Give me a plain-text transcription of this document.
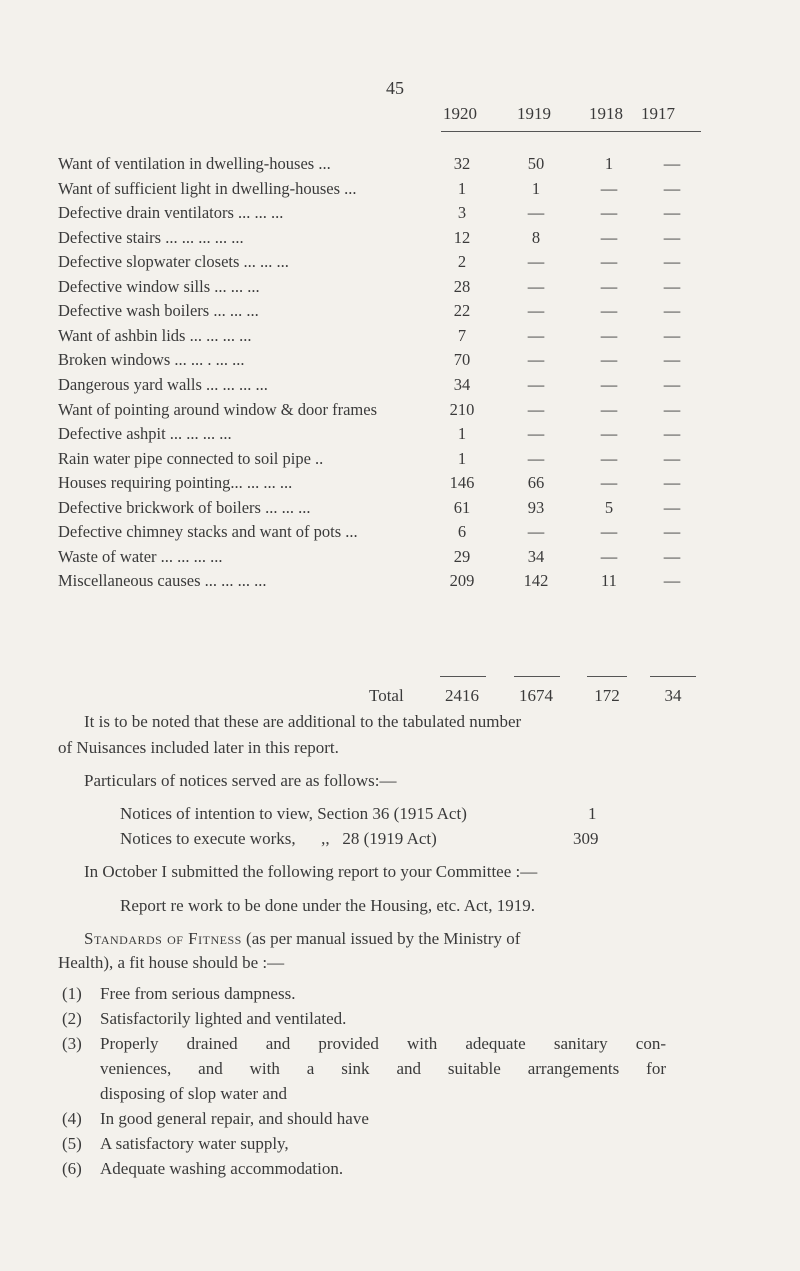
45
1920 1919 1918 1917
Want of ventilation in dwelling-houses ...	32	50	1	—
Want of sufficient light in dwelling-houses ...	1	1	—	—
Defective drain ventilators ... ... ...	3	—	—	—
Defective stairs ... ... ... ... ...	12	8	—	—
Defective slopwater closets ... ... ...	2	—	—	—
Defective window sills ... ... ...	28	—	—	—
Defective wash boilers ... ... ...	22	—	—	—
Want of ashbin lids ... ... ... ...	7	—	—	—
Broken windows ... ... . ... ...	70	—	—	—
Dangerous yard walls ... ... ... ...	34	—	—	—
Want of pointing around window & door frames	210	—	—	—
Defective ashpit ... ... ... ...	1	—	—	—
Rain water pipe connected to soil pipe ..	1	—	—	—
Houses requiring pointing... ... ... ...	146	66	—	—
Defective brickwork of boilers ... ... ...	61	93	5	—
Defective chimney stacks and want of pots ...	6	—	—	—
Waste of water ... ... ... ...	29	34	—	—
Miscellaneous causes ... ... ... ...	209	142	11	—
Total 2416 1674	172	34
It is to be noted that these are additional to the tabulated number
of Nuisances included later in this report.
Particulars of notices served are as follows:—
Notices of intention to view, Section 36 (1915 Act)	1
Notices to execute works,      ,,   28 (1919 Act)	309
In October I submitted the following report to your Committee :—
Report re work to be done under the Housing, etc. Act, 1919.
Standards of Fitness (as per manual issued by the Ministry of
Health), a fit house should be :—
(1) Free from serious dampness.
(2) Satisfactorily lighted and ventilated.
(3) Properly drained and provided with adequate sanitary con-
veniences, and with a sink and suitable arrangements for
disposing of slop water and
(4) In good general repair, and should have
(5) A satisfactory water supply,
(6) Adequate washing accommodation.
